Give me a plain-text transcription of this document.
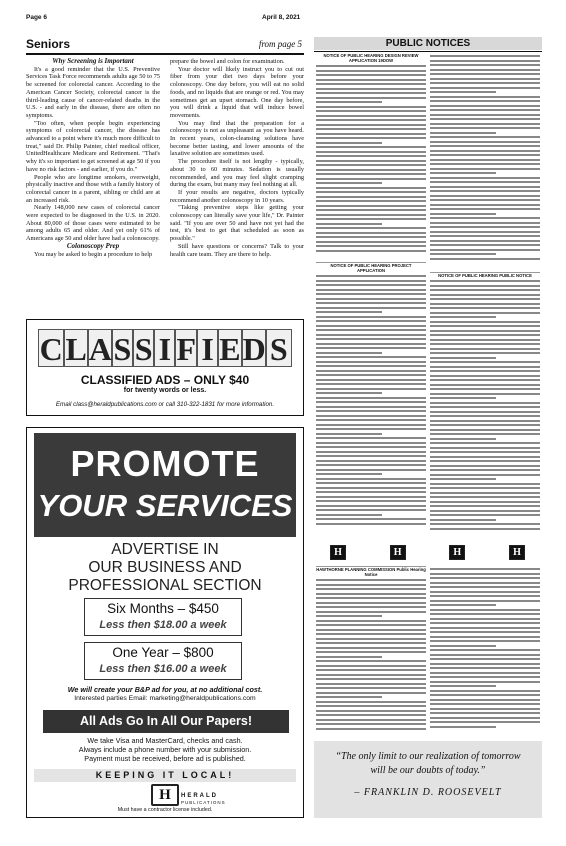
Page 6	April 8, 2021
Seniors	from page 5

Why Screening is Important

It's a good reminder that the U.S. Preventive Services Task Force recommends adults age 50 to 75 be screened for colorectal cancer. According to the American Cancer Society, colorectal cancer is the third-leading cause of cancer-related deaths in the U.S. - and early in the disease, there are often no symptoms.

"Too often, when people begin experiencing symptoms of colorectal cancer, the disease has advanced to a point where it's much more difficult to treat," said Dr. Philip Painter, chief medical officer, UnitedHealthcare Medicare and Retirement. "That's why it's so important to get screened at age 50 if you have no risk factors - and earlier, if you do."

People who are longtime smokers, overweight, physically inactive and those with a family history of colorectal cancer in a parent, sibling or child are at an increased risk.

Nearly 148,000 new cases of colorectal cancer were expected to be diagnosed in the U.S. in 2020. About 80,000 of those cases were estimated to be among adults 65 and older. And yet only 61% of Americans age 50 and older have had a colonoscopy.

Colonoscopy Prep

You may be asked to begin a procedure to help

prepare the bowel and colon for examination.

Your doctor will likely instruct you to cut out fiber from your diet two days before your colonoscopy. One day before, you will eat no solid foods, and no liquids that are orange or red. You may sometimes get an upset stomach. One day before, you will drink a liquid that will induce bowel movements.

You may find that the preparation for a colonoscopy is not as unpleasant as you have heard. In recent years, colon-cleansing solutions have become better tasting, and lower amounts of the laxative solution are sometimes used.

The procedure itself is not lengthy - typically, about 30 to 60 minutes. Sedation is usually recommended, and you may feel slight cramping during the exam, but many may feel nothing at all.

If your results are negative, doctors typically recommend another colonoscopy in 10 years.

"Taking preventive steps like getting your colonoscopy can literally save your life," Dr. Painter said. "If you are over 50 and have not yet had the test, it's best to get that scheduled as soon as possible."

Still have questions or concerns? Talk to your health care team. They are there to help.

C L A S S I F I E D S
CLASSIFIED ADS – ONLY $40
for twenty words or less.
Email class@heraldpublications.com or call 310-322-1831 for more information.
PROMOTE
YOUR SERVICES
ADVERTISE IN
OUR BUSINESS AND
PROFESSIONAL SECTION
Six Months – $450
Less then $18.00 a week
One Year – $800
Less then $16.00 a week
We will create your B&P ad for you, at no additional cost.
Interested parties Email: marketing@heraldpublications.com
All Ads Go In All Our Papers!
We take Visa and MasterCard, checks and cash.
Always include a phone number with your submission.
Payment must be received, before ad is published.
KEEPING IT LOCAL!
H	HERALD
PUBLICATIONS
Must have a contractor license included.
PUBLIC NOTICES
NOTICE OF PUBLIC HEARING DESIGN REVIEW APPLICATION 19DOW
NOTICE OF PUBLIC HEARING PROJECT APPLICATION
NOTICE OF PUBLIC HEARING PUBLIC NOTICE
H	H	H	H
HAWTHORNE PLANNING COMMISSION Public Hearing Notice
“The only limit to our realization of tomorrow
will be our doubts of today.”
– FRANKLIN D. ROOSEVELT
